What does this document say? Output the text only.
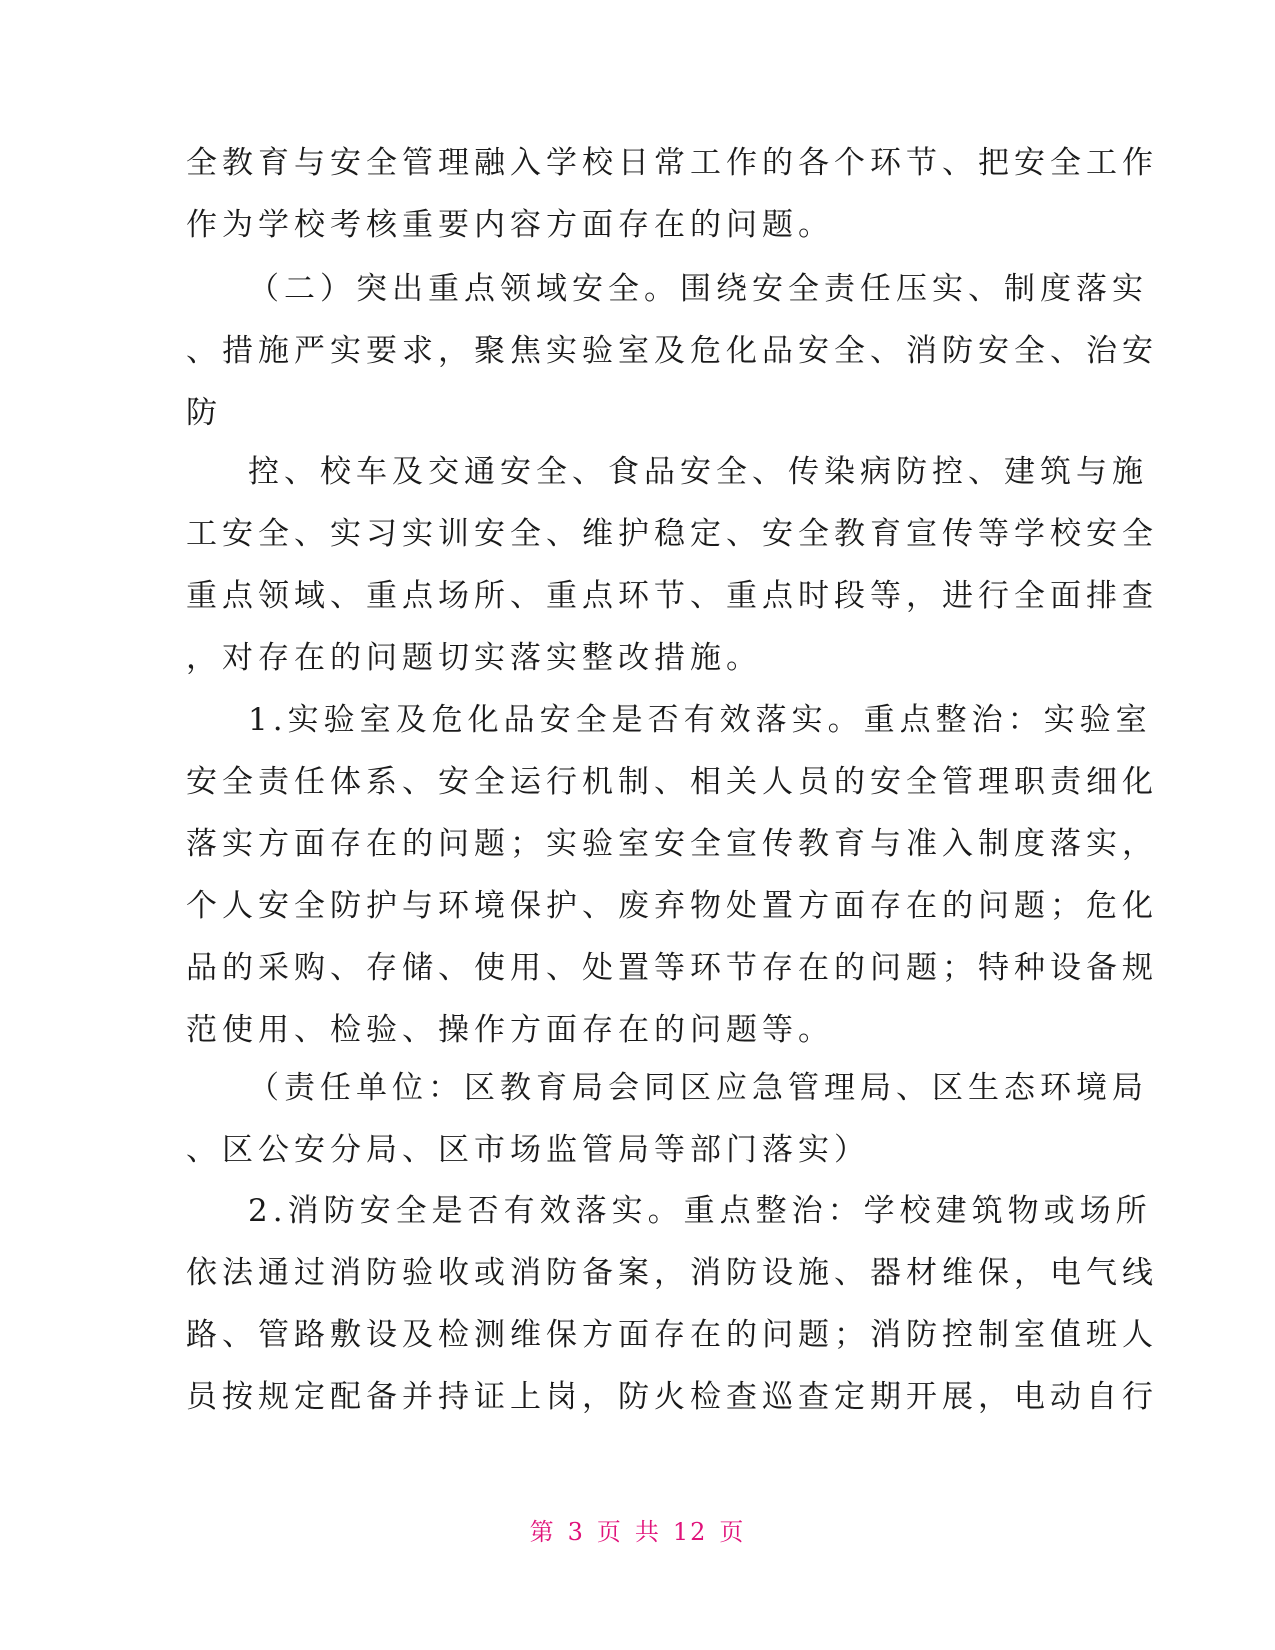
全教育与安全管理融入学校日常工作的各个环节、把安全工作
作为学校考核重要内容方面存在的问题。
（二）突出重点领域安全。围绕安全责任压实、制度落实
、措施严实要求，聚焦实验室及危化品安全、消防安全、治安
防
控、校车及交通安全、食品安全、传染病防控、建筑与施
工安全、实习实训安全、维护稳定、安全教育宣传等学校安全
重点领域、重点场所、重点环节、重点时段等，进行全面排查
，对存在的问题切实落实整改措施。
1.实验室及危化品安全是否有效落实。重点整治：实验室
安全责任体系、安全运行机制、相关人员的安全管理职责细化
落实方面存在的问题；实验室安全宣传教育与准入制度落实，
个人安全防护与环境保护、废弃物处置方面存在的问题；危化
品的采购、存储、使用、处置等环节存在的问题；特种设备规
范使用、检验、操作方面存在的问题等。
（责任单位：区教育局会同区应急管理局、区生态环境局
、区公安分局、区市场监管局等部门落实）
2.消防安全是否有效落实。重点整治：学校建筑物或场所
依法通过消防验收或消防备案，消防设施、器材维保，电气线
路、管路敷设及检测维保方面存在的问题；消防控制室值班人
员按规定配备并持证上岗，防火检查巡查定期开展，电动自行
第 3 页 共 12 页
